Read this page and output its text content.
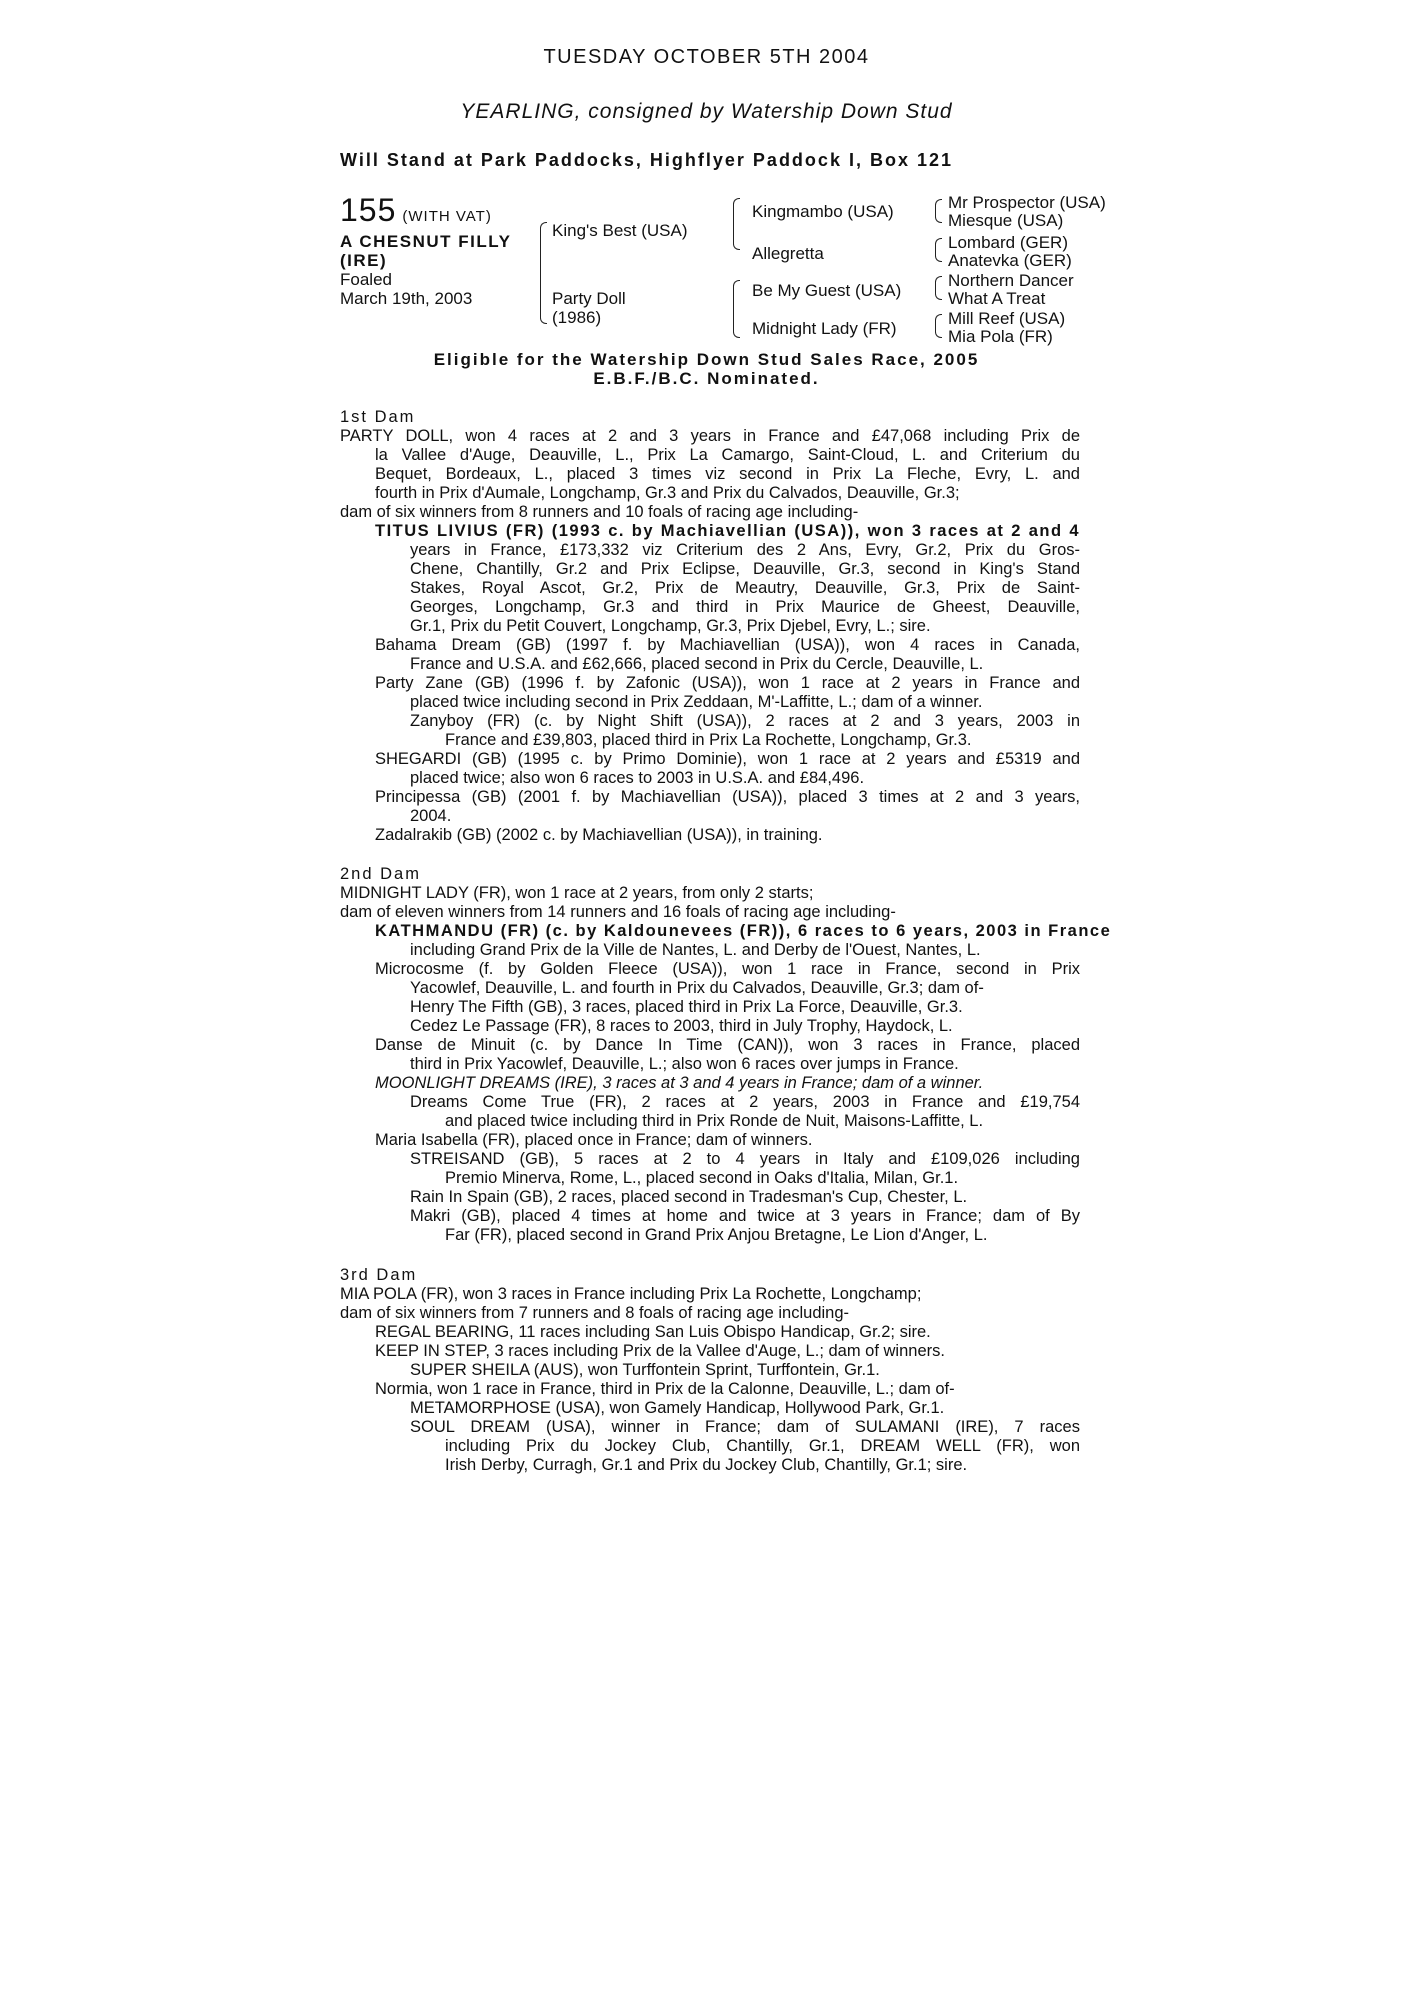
TUESDAY OCTOBER 5TH 2004
YEARLING, consigned by Watership Down Stud
Will Stand at Park Paddocks, Highflyer Paddock I, Box 121
155 (WITH VAT)
A CHESNUT FILLY
(IRE)
Foaled
March 19th, 2003
King's Best (USA)
Party Doll
(1986)
Kingmambo (USA)
Allegretta
Be My Guest (USA)
Midnight Lady (FR)
Mr Prospector (USA)
Miesque (USA)
Lombard (GER)
Anatevka (GER)
Northern Dancer
What A Treat
Mill Reef (USA)
Mia Pola (FR)
Eligible for the Watership Down Stud Sales Race, 2005
E.B.F./B.C. Nominated.
1st Dam
PARTY DOLL, won 4 races at 2 and 3 years in France and £47,068 including Prix de
la Vallee d'Auge, Deauville, L., Prix La Camargo, Saint-Cloud, L. and Criterium du
Bequet, Bordeaux, L., placed 3 times viz second in Prix La Fleche, Evry, L. and
fourth in Prix d'Aumale, Longchamp, Gr.3 and Prix du Calvados, Deauville, Gr.3;
dam of six winners from 8 runners and 10 foals of racing age including-
TITUS LIVIUS (FR) (1993 c. by Machiavellian (USA)), won 3 races at 2 and 4
years in France, £173,332 viz Criterium des 2 Ans, Evry, Gr.2, Prix du Gros-
Chene, Chantilly, Gr.2 and Prix Eclipse, Deauville, Gr.3, second in King's Stand
Stakes, Royal Ascot, Gr.2, Prix de Meautry, Deauville, Gr.3, Prix de Saint-
Georges, Longchamp, Gr.3 and third in Prix Maurice de Gheest, Deauville,
Gr.1, Prix du Petit Couvert, Longchamp, Gr.3, Prix Djebel, Evry, L.; sire.
Bahama Dream (GB) (1997 f. by Machiavellian (USA)), won 4 races in Canada,
France and U.S.A. and £62,666, placed second in Prix du Cercle, Deauville, L.
Party Zane (GB) (1996 f. by Zafonic (USA)), won 1 race at 2 years in France and
placed twice including second in Prix Zeddaan, M'-Laffitte, L.; dam of a winner.
Zanyboy (FR) (c. by Night Shift (USA)), 2 races at 2 and 3 years, 2003 in
France and £39,803, placed third in Prix La Rochette, Longchamp, Gr.3.
SHEGARDI (GB) (1995 c. by Primo Dominie), won 1 race at 2 years and £5319 and
placed twice; also won 6 races to 2003 in U.S.A. and £84,496.
Principessa (GB) (2001 f. by Machiavellian (USA)), placed 3 times at 2 and 3 years,
2004.
Zadalrakib (GB) (2002 c. by Machiavellian (USA)), in training.
2nd Dam
MIDNIGHT LADY (FR), won 1 race at 2 years, from only 2 starts;
dam of eleven winners from 14 runners and 16 foals of racing age including-
KATHMANDU (FR) (c. by Kaldounevees (FR)), 6 races to 6 years, 2003 in France
including Grand Prix de la Ville de Nantes, L. and Derby de l'Ouest, Nantes, L.
Microcosme (f. by Golden Fleece (USA)), won 1 race in France, second in Prix
Yacowlef, Deauville, L. and fourth in Prix du Calvados, Deauville, Gr.3; dam of-
Henry The Fifth (GB), 3 races, placed third in Prix La Force, Deauville, Gr.3.
Cedez Le Passage (FR), 8 races to 2003, third in July Trophy, Haydock, L.
Danse de Minuit (c. by Dance In Time (CAN)), won 3 races in France, placed
third in Prix Yacowlef, Deauville, L.; also won 6 races over jumps in France.
MOONLIGHT DREAMS (IRE), 3 races at 3 and 4 years in France; dam of a winner.
Dreams Come True (FR), 2 races at 2 years, 2003 in France and £19,754
and placed twice including third in Prix Ronde de Nuit, Maisons-Laffitte, L.
Maria Isabella (FR), placed once in France; dam of winners.
STREISAND (GB), 5 races at 2 to 4 years in Italy and £109,026 including
Premio Minerva, Rome, L., placed second in Oaks d'Italia, Milan, Gr.1.
Rain In Spain (GB), 2 races, placed second in Tradesman's Cup, Chester, L.
Makri (GB), placed 4 times at home and twice at 3 years in France; dam of By
Far (FR), placed second in Grand Prix Anjou Bretagne, Le Lion d'Anger, L.
3rd Dam
MIA POLA (FR), won 3 races in France including Prix La Rochette, Longchamp;
dam of six winners from 7 runners and 8 foals of racing age including-
REGAL BEARING, 11 races including San Luis Obispo Handicap, Gr.2; sire.
KEEP IN STEP, 3 races including Prix de la Vallee d'Auge, L.; dam of winners.
SUPER SHEILA (AUS), won Turffontein Sprint, Turffontein, Gr.1.
Normia, won 1 race in France, third in Prix de la Calonne, Deauville, L.; dam of-
METAMORPHOSE (USA), won Gamely Handicap, Hollywood Park, Gr.1.
SOUL DREAM (USA), winner in France; dam of SULAMANI (IRE), 7 races
including Prix du Jockey Club, Chantilly, Gr.1, DREAM WELL (FR), won
Irish Derby, Curragh, Gr.1 and Prix du Jockey Club, Chantilly, Gr.1; sire.
